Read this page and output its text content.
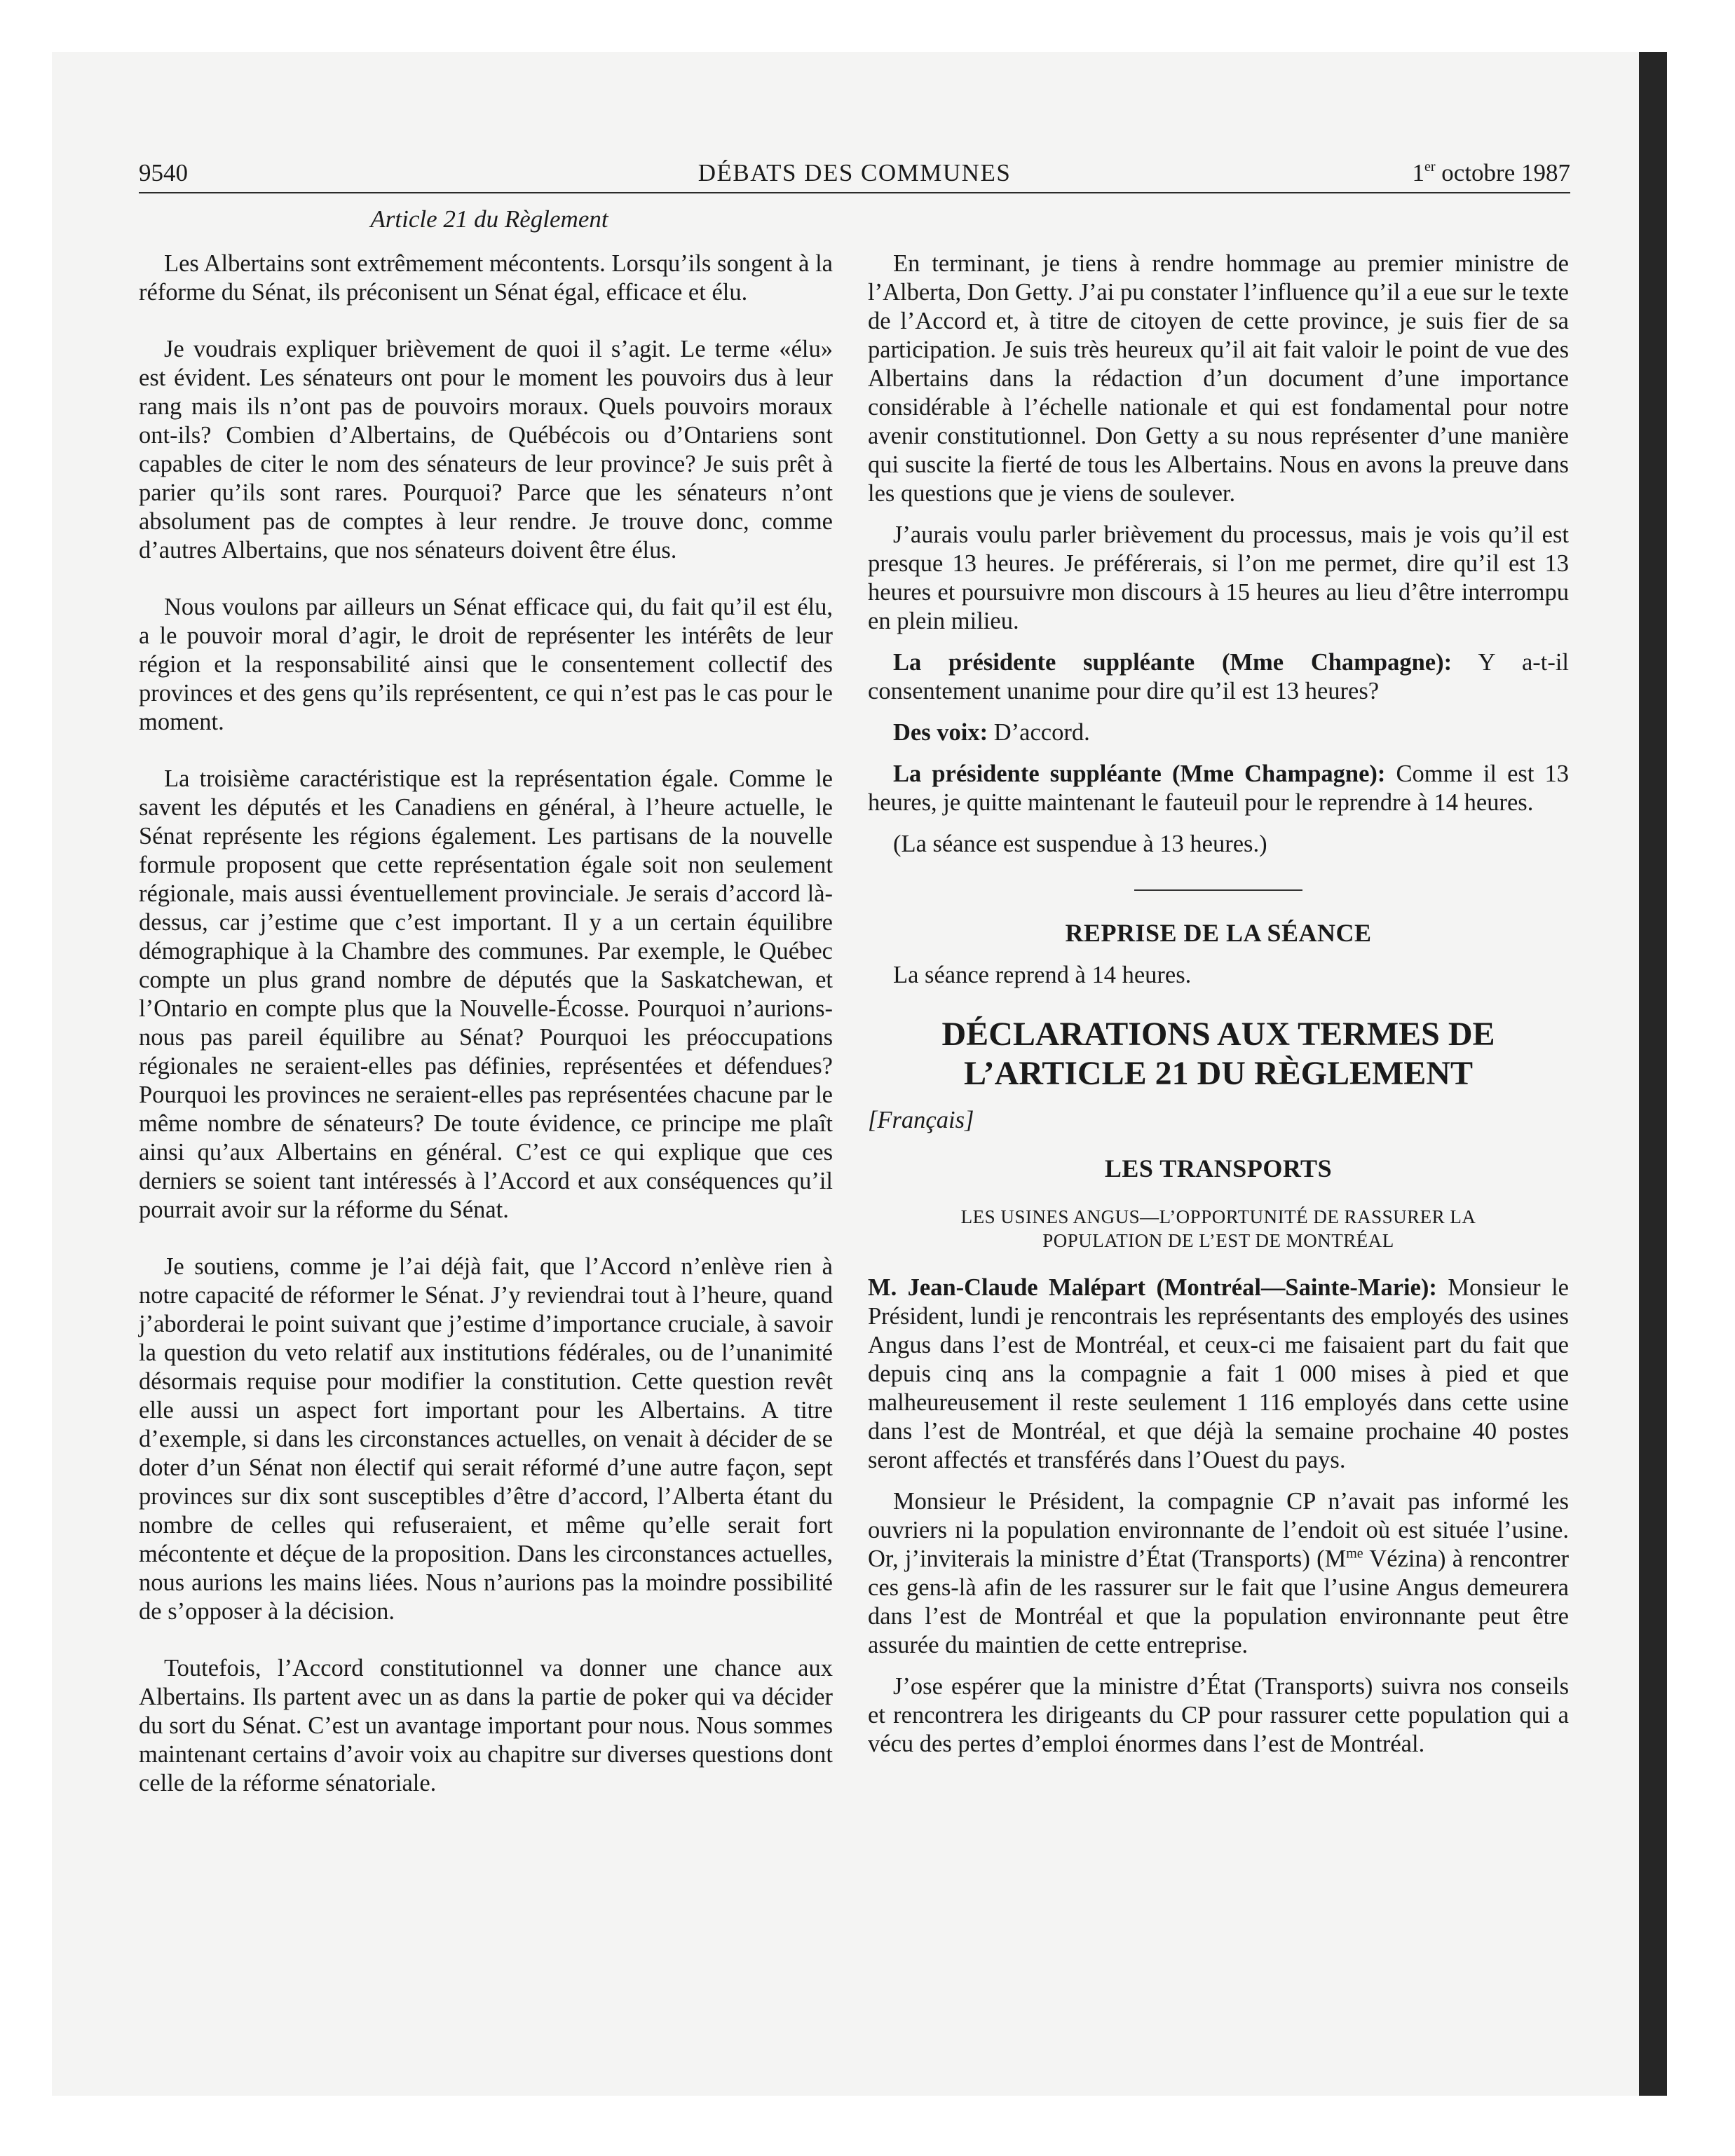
9540	DÉBATS DES COMMUNES	1er octobre 1987
Article 21 du Règlement

Les Albertains sont extrêmement mécontents. Lorsqu’ils songent à la réforme du Sénat, ils préconisent un Sénat égal, efficace et élu.

Je voudrais expliquer brièvement de quoi il s’agit. Le terme «élu» est évident. Les sénateurs ont pour le moment les pouvoirs dus à leur rang mais ils n’ont pas de pouvoirs moraux. Quels pouvoirs moraux ont-ils? Combien d’Albertains, de Québécois ou d’Ontariens sont capables de citer le nom des sénateurs de leur province? Je suis prêt à parier qu’ils sont rares. Pourquoi? Parce que les sénateurs n’ont absolument pas de comptes à leur rendre. Je trouve donc, comme d’autres Albertains, que nos sénateurs doivent être élus.

Nous voulons par ailleurs un Sénat efficace qui, du fait qu’il est élu, a le pouvoir moral d’agir, le droit de représenter les intérêts de leur région et la responsabilité ainsi que le consentement collectif des provinces et des gens qu’ils représentent, ce qui n’est pas le cas pour le moment.

La troisième caractéristique est la représentation égale. Comme le savent les députés et les Canadiens en général, à l’heure actuelle, le Sénat représente les régions également. Les partisans de la nouvelle formule proposent que cette représentation égale soit non seulement régionale, mais aussi éventuellement provinciale. Je serais d’accord là-dessus, car j’estime que c’est important. Il y a un certain équilibre démographique à la Chambre des communes. Par exemple, le Québec compte un plus grand nombre de députés que la Saskatchewan, et l’Ontario en compte plus que la Nouvelle-Écosse. Pourquoi n’aurions-nous pas pareil équilibre au Sénat? Pourquoi les préoccupations régionales ne seraient-elles pas définies, représentées et défendues? Pourquoi les provinces ne seraient-elles pas représentées chacune par le même nombre de sénateurs? De toute évidence, ce principe me plaît ainsi qu’aux Albertains en général. C’est ce qui explique que ces derniers se soient tant intéressés à l’Accord et aux conséquences qu’il pourrait avoir sur la réforme du Sénat.

Je soutiens, comme je l’ai déjà fait, que l’Accord n’enlève rien à notre capacité de réformer le Sénat. J’y reviendrai tout à l’heure, quand j’aborderai le point suivant que j’estime d’importance cruciale, à savoir la question du veto relatif aux institutions fédérales, ou de l’unanimité désormais requise pour modifier la constitution. Cette question revêt elle aussi un aspect fort important pour les Albertains. A titre d’exemple, si dans les circonstances actuelles, on venait à décider de se doter d’un Sénat non électif qui serait réformé d’une autre façon, sept provinces sur dix sont susceptibles d’être d’accord, l’Alberta étant du nombre de celles qui refuseraient, et même qu’elle serait fort mécontente et déçue de la proposition. Dans les circonstances actuelles, nous aurions les mains liées. Nous n’aurions pas la moindre possibilité de s’opposer à la décision.

Toutefois, l’Accord constitutionnel va donner une chance aux Albertains. Ils partent avec un as dans la partie de poker qui va décider du sort du Sénat. C’est un avantage important pour nous. Nous sommes maintenant certains d’avoir voix au chapitre sur diverses questions dont celle de la réforme sénatoriale.

En terminant, je tiens à rendre hommage au premier ministre de l’Alberta, Don Getty. J’ai pu constater l’influence qu’il a eue sur le texte de l’Accord et, à titre de citoyen de cette province, je suis fier de sa participation. Je suis très heureux qu’il ait fait valoir le point de vue des Albertains dans la rédaction d’un document d’une importance considérable à l’échelle nationale et qui est fondamental pour notre avenir constitutionnel. Don Getty a su nous représenter d’une manière qui suscite la fierté de tous les Albertains. Nous en avons la preuve dans les questions que je viens de soulever.

J’aurais voulu parler brièvement du processus, mais je vois qu’il est presque 13 heures. Je préférerais, si l’on me permet, dire qu’il est 13 heures et poursuivre mon discours à 15 heures au lieu d’être interrompu en plein milieu.

La présidente suppléante (Mme Champagne): Y a-t-il consentement unanime pour dire qu’il est 13 heures?

Des voix: D’accord.

La présidente suppléante (Mme Champagne): Comme il est 13 heures, je quitte maintenant le fauteuil pour le reprendre à 14 heures.

(La séance est suspendue à 13 heures.)

REPRISE DE LA SÉANCE

La séance reprend à 14 heures.

DÉCLARATIONS AUX TERMES DE
L’ARTICLE 21 DU RÈGLEMENT
[Français]
LES TRANSPORTS
LES USINES ANGUS—L’OPPORTUNITÉ DE RASSURER LA
POPULATION DE L’EST DE MONTRÉAL

M. Jean-Claude Malépart (Montréal—Sainte-Marie): Monsieur le Président, lundi je rencontrais les représentants des employés des usines Angus dans l’est de Montréal, et ceux-ci me faisaient part du fait que depuis cinq ans la compagnie a fait 1 000 mises à pied et que malheureusement il reste seulement 1 116 employés dans cette usine dans l’est de Montréal, et que déjà la semaine prochaine 40 postes seront affectés et transférés dans l’Ouest du pays.

Monsieur le Président, la compagnie CP n’avait pas informé les ouvriers ni la population environnante de l’endoit où est située l’usine. Or, j’inviterais la ministre d’État (Transports) ($M^{me}$ Vézina) à rencontrer ces gens-là afin de les rassurer sur le fait que l’usine Angus demeurera dans l’est de Montréal et que la population environnante peut être assurée du maintien de cette entreprise.

J’ose espérer que la ministre d’État (Transports) suivra nos conseils et rencontrera les dirigeants du CP pour rassurer cette population qui a vécu des pertes d’emploi énormes dans l’est de Montréal.
